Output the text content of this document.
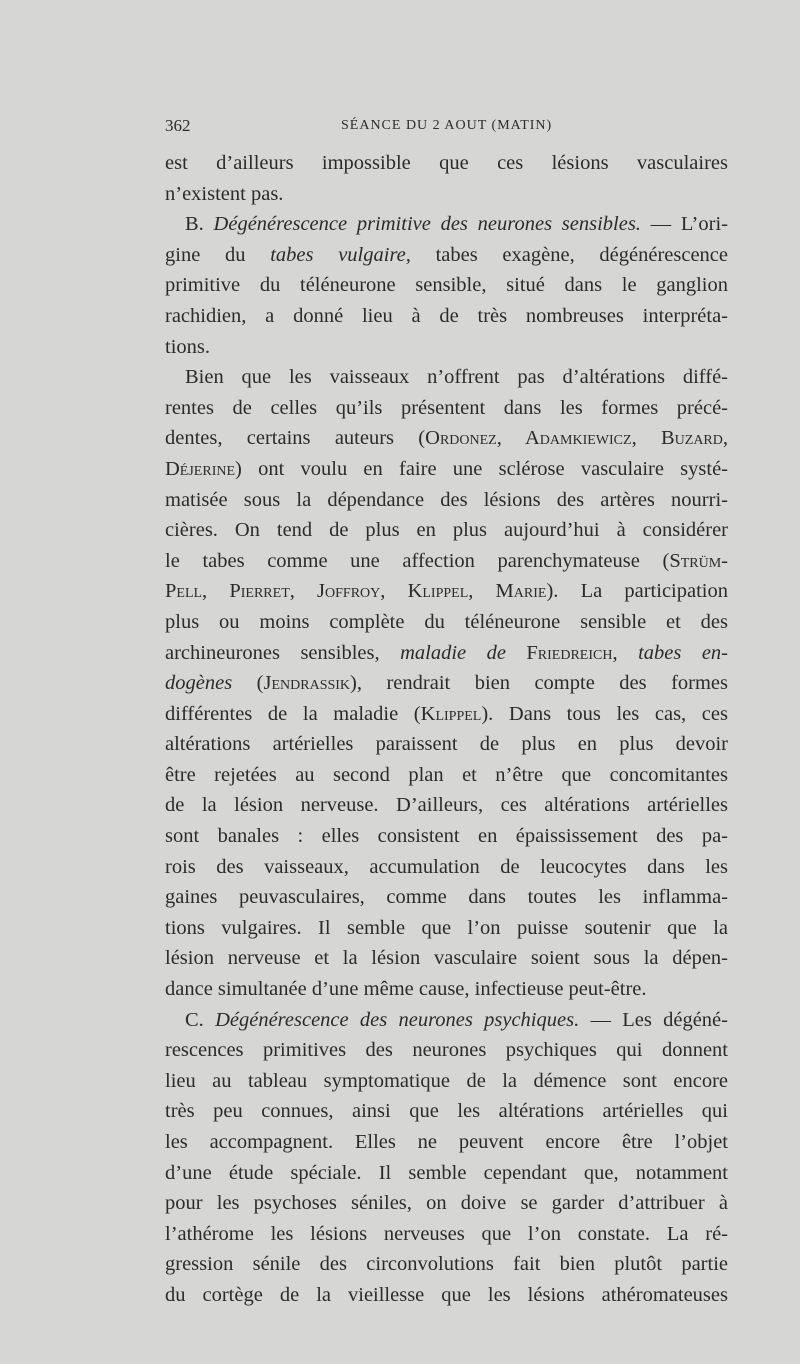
362	SÉANCE DU 2 AOUT (MATIN)
est d’ailleurs impossible que ces lésions vasculaires
n’existent pas.
B. Dégénérescence primitive des neurones sensibles. — L’ori-
gine du tabes vulgaire, tabes exagène, dégénérescence
primitive du téléneurone sensible, situé dans le ganglion
rachidien, a donné lieu à de très nombreuses interpréta-
tions.
Bien que les vaisseaux n’offrent pas d’altérations diffé-
rentes de celles qu’ils présentent dans les formes précé-
dentes, certains auteurs (Ordonez, Adamkiewicz, Buzard,
Déjerine) ont voulu en faire une sclérose vasculaire systé-
matisée sous la dépendance des lésions des artères nourri-
cières. On tend de plus en plus aujourd’hui à considérer
le tabes comme une affection parenchymateuse (Strüm-
Pell, Pierret, Joffroy, Klippel, Marie). La participation
plus ou moins complète du téléneurone sensible et des
archineurones sensibles, maladie de Friedreich, tabes en-
dogènes (Jendrassik), rendrait bien compte des formes
différentes de la maladie (Klippel). Dans tous les cas, ces
altérations artérielles paraissent de plus en plus devoir
être rejetées au second plan et n’être que concomitantes
de la lésion nerveuse. D’ailleurs, ces altérations artérielles
sont banales : elles consistent en épaississement des pa-
rois des vaisseaux, accumulation de leucocytes dans les
gaines peuvasculaires, comme dans toutes les inflamma-
tions vulgaires. Il semble que l’on puisse soutenir que la
lésion nerveuse et la lésion vasculaire soient sous la dépen-
dance simultanée d’une même cause, infectieuse peut-être.
C. Dégénérescence des neurones psychiques. — Les dégéné-
rescences primitives des neurones psychiques qui donnent
lieu au tableau symptomatique de la démence sont encore
très peu connues, ainsi que les altérations artérielles qui
les accompagnent. Elles ne peuvent encore être l’objet
d’une étude spéciale. Il semble cependant que, notamment
pour les psychoses séniles, on doive se garder d’attribuer à
l’athérome les lésions nerveuses que l’on constate. La ré-
gression sénile des circonvolutions fait bien plutôt partie
du cortège de la vieillesse que les lésions athéromateuses
